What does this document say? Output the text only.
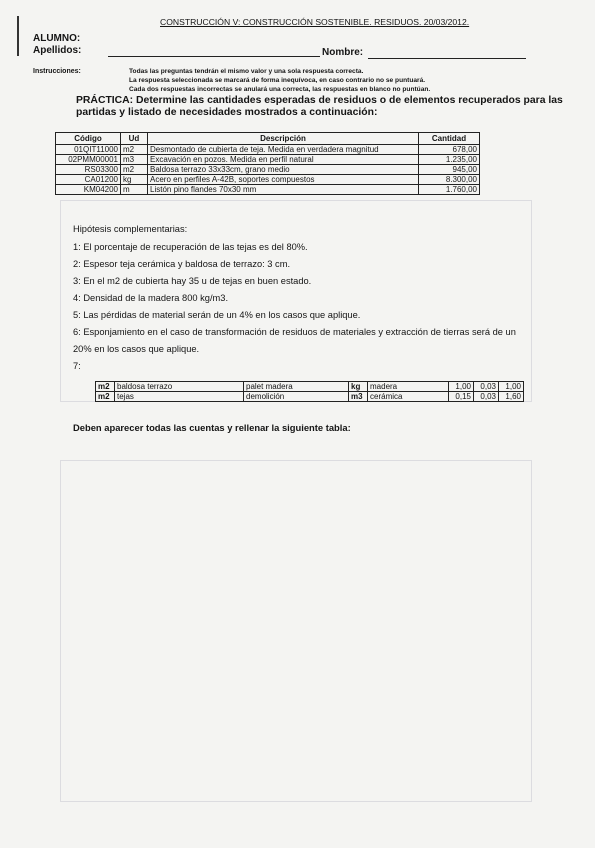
CONSTRUCCIÓN V: CONSTRUCCIÓN SOSTENIBLE. RESIDUOS. 20/03/2012.
ALUMNO:
Apellidos:	Nombre:
Instrucciones:	Todas las preguntas tendrán el mismo valor y una sola respuesta correcta.
La respuesta seleccionada se marcará de forma inequívoca, en caso contrario no se puntuará.
Cada dos respuestas incorrectas se anulará una correcta, las respuestas en blanco no puntúan.
PRÁCTICA: Determine las cantidades esperadas de residuos o de elementos recuperados para las partidas y listado de necesidades mostrados a continuación:
Código	Ud	Descripción	Cantidad
01QIT11000	m2	Desmontado de cubierta de teja. Medida en verdadera magnitud	678,00
02PMM00001	m3	Excavación en pozos. Medida en perfil natural	1.235,00
RS03300	m2	Baldosa terrazo 33x33cm, grano medio	945,00
CA01200	kg	Acero en perfiles A-42B, soportes compuestos	8.300,00
KM04200	m	Listón pino flandes 70x30 mm	1.760,00
Hipótesis complementarias:
1: El porcentaje de recuperación de las tejas es del 80%.
2: Espesor teja cerámica y baldosa de terrazo: 3 cm.
3: En el m2 de cubierta hay 35 u de tejas en buen estado.
4: Densidad de la madera 800 kg/m3.
5: Las pérdidas de material serán de un 4% en los casos que aplique.
6: Esponjamiento en el caso de transformación de residuos de materiales y extracción de tierras será de un
20% en los casos que aplique.
7:
m2	baldosa terrazo	palet madera	kg	madera	1,00	0,03	1,00
m2	tejas	demolición	m3	cerámica	0,15	0,03	1,60
Deben aparecer todas las cuentas y rellenar la siguiente tabla:
